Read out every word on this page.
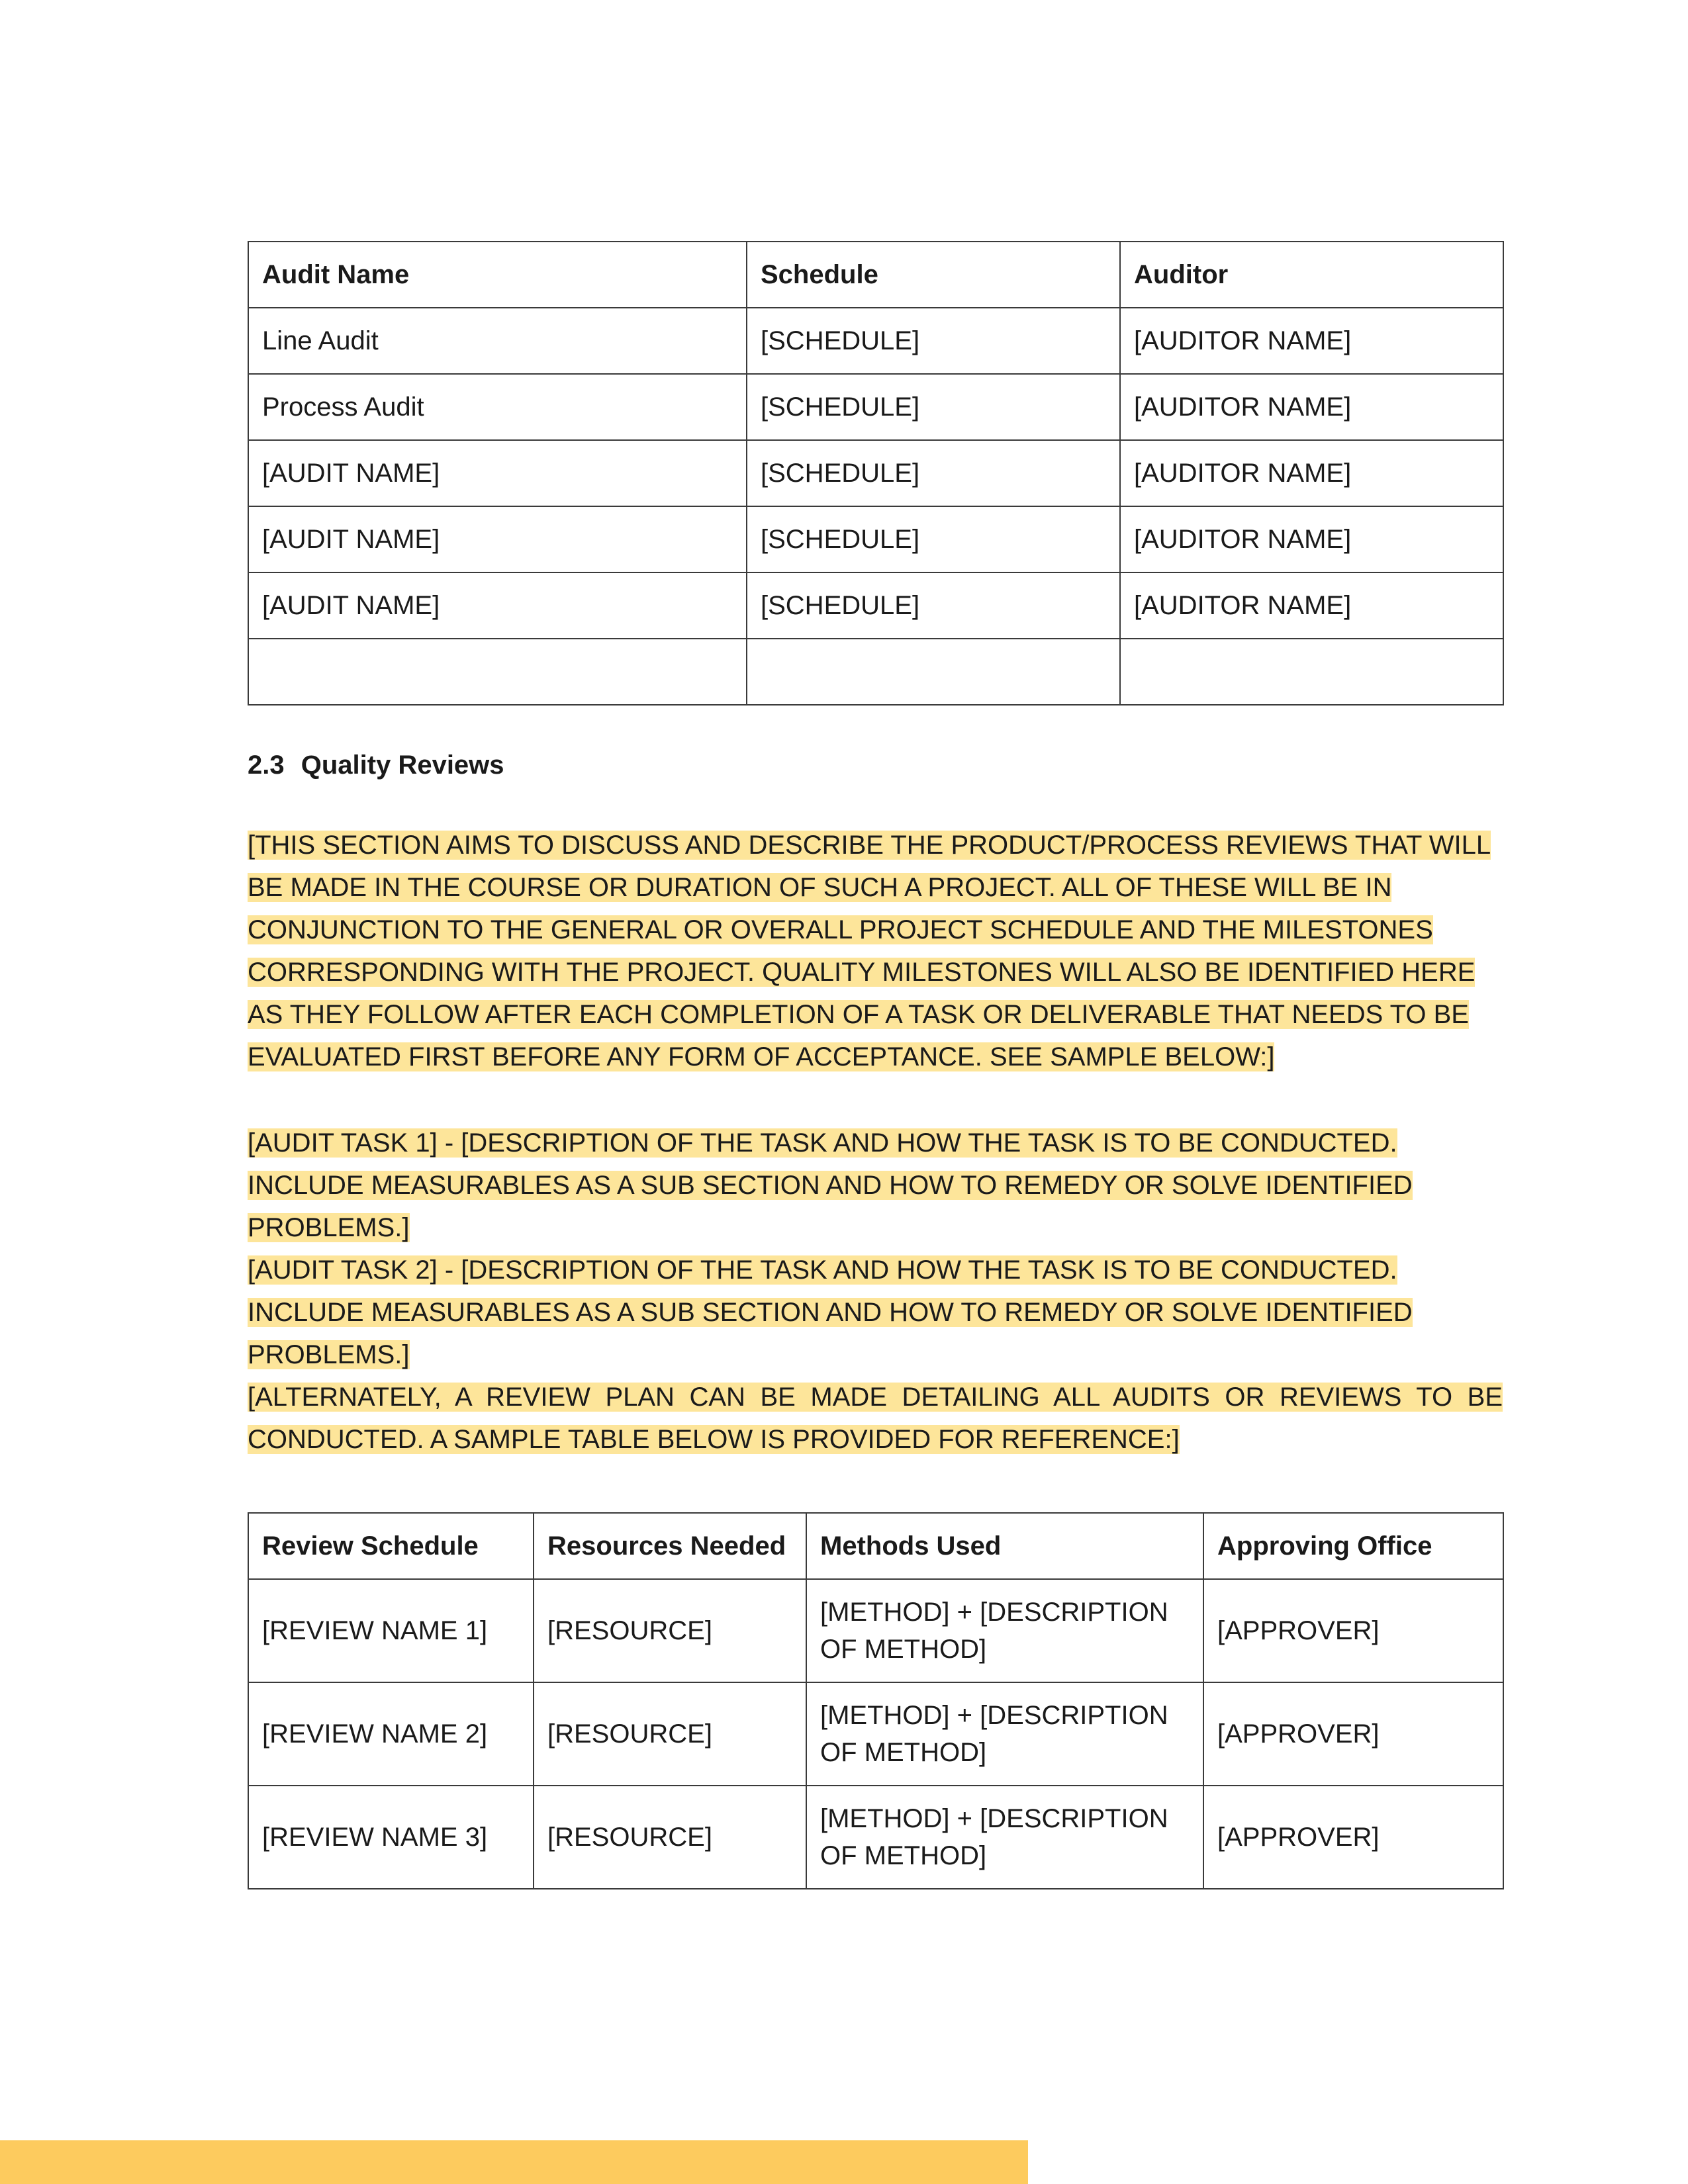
Audit Name	Schedule	Auditor
Line Audit	[SCHEDULE]	[AUDITOR NAME]
Process Audit	[SCHEDULE]	[AUDITOR NAME]
[AUDIT NAME]	[SCHEDULE]	[AUDITOR NAME]
[AUDIT NAME]	[SCHEDULE]	[AUDITOR NAME]
[AUDIT NAME]	[SCHEDULE]	[AUDITOR NAME]

2.3 Quality Reviews

[THIS SECTION AIMS TO DISCUSS AND DESCRIBE THE PRODUCT/PROCESS REVIEWS THAT WILL BE MADE IN THE COURSE OR DURATION OF SUCH A PROJECT. ALL OF THESE WILL BE IN CONJUNCTION TO THE GENERAL OR OVERALL PROJECT SCHEDULE AND THE MILESTONES CORRESPONDING WITH THE PROJECT. QUALITY MILESTONES WILL ALSO BE IDENTIFIED HERE AS THEY FOLLOW AFTER EACH COMPLETION OF A TASK OR DELIVERABLE THAT NEEDS TO BE EVALUATED FIRST BEFORE ANY FORM OF ACCEPTANCE. SEE SAMPLE BELOW:]

[AUDIT TASK 1] - [DESCRIPTION OF THE TASK AND HOW THE TASK IS TO BE CONDUCTED. INCLUDE MEASURABLES AS A SUB SECTION AND HOW TO REMEDY OR SOLVE IDENTIFIED PROBLEMS.]

[AUDIT TASK 2] - [DESCRIPTION OF THE TASK AND HOW THE TASK IS TO BE CONDUCTED. INCLUDE MEASURABLES AS A SUB SECTION AND HOW TO REMEDY OR SOLVE IDENTIFIED PROBLEMS.]

[ALTERNATELY, A REVIEW PLAN CAN BE MADE DETAILING ALL AUDITS OR REVIEWS TO BE CONDUCTED. A SAMPLE TABLE BELOW IS PROVIDED FOR REFERENCE:]

Review Schedule	Resources Needed	Methods Used	Approving Office
[REVIEW NAME 1]	[RESOURCE]	[METHOD] + [DESCRIPTION OF METHOD]	[APPROVER]
[REVIEW NAME 2]	[RESOURCE]	[METHOD] + [DESCRIPTION OF METHOD]	[APPROVER]
[REVIEW NAME 3]	[RESOURCE]	[METHOD] + [DESCRIPTION OF METHOD]	[APPROVER]
